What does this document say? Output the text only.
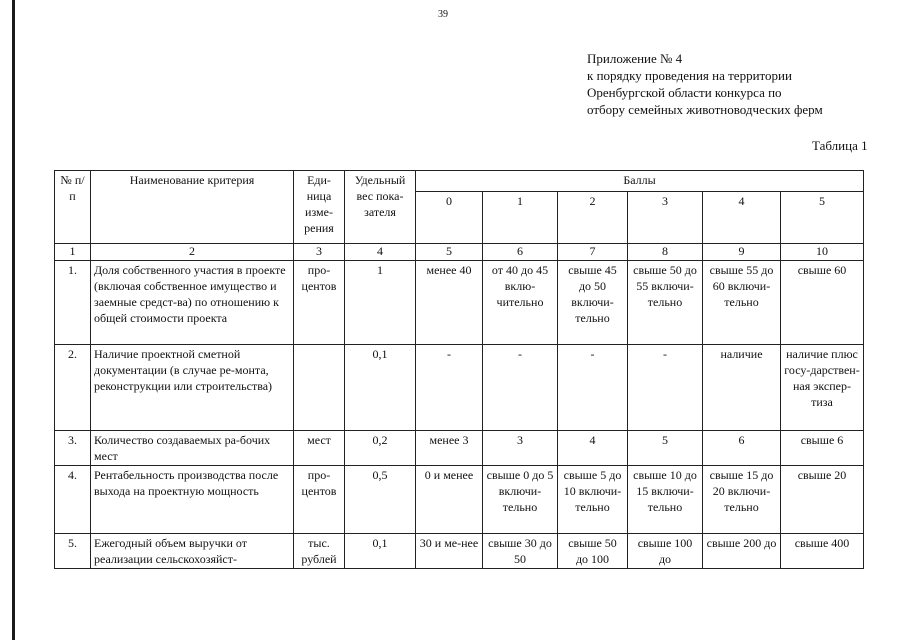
39
Приложение № 4
к порядку проведения на территории
Оренбургской области конкурса по
отбору семейных животноводческих ферм
Таблица 1
№ п/п	Наименование критерия	Еди-ница изме-рения	Удельный вес пока-зателя	Баллы					
				0	1	2	3	4	5
1	2	3	4	5	6	7	8	9	10
1.	Доля собственного участия в проекте (включая собственное имущество и заемные средст-ва) по отношению к общей стоимости проекта	про-центов	1	менее 40	от 40 до 45 вклю-чительно	свыше 45 до 50 включи-тельно	свыше 50 до 55 включи-тельно	свыше 55 до 60 включи-тельно	свыше 60
2.	Наличие проектной сметной документации (в случае ре-монта, реконструкции или строительства)		0,1	-	-	-	-	наличие	наличие плюс госу-дарствен-ная экспер-тиза
3.	Количество создаваемых ра-бочих мест	мест	0,2	менее 3	3	4	5	6	свыше 6
4.	Рентабельность производства после выхода на проектную мощность	про-центов	0,5	0 и менее	свыше 0 до 5 включи-тельно	свыше 5 до 10 включи-тельно	свыше 10 до 15 включи-тельно	свыше 15 до 20 включи-тельно	свыше 20
5.	Ежегодный объем выручки от реализации сельскохозяйст-	тыс. рублей	0,1	30 и ме-нее	свыше 30 до 50	свыше 50 до 100	свыше 100 до	свыше 200 до	свыше 400
